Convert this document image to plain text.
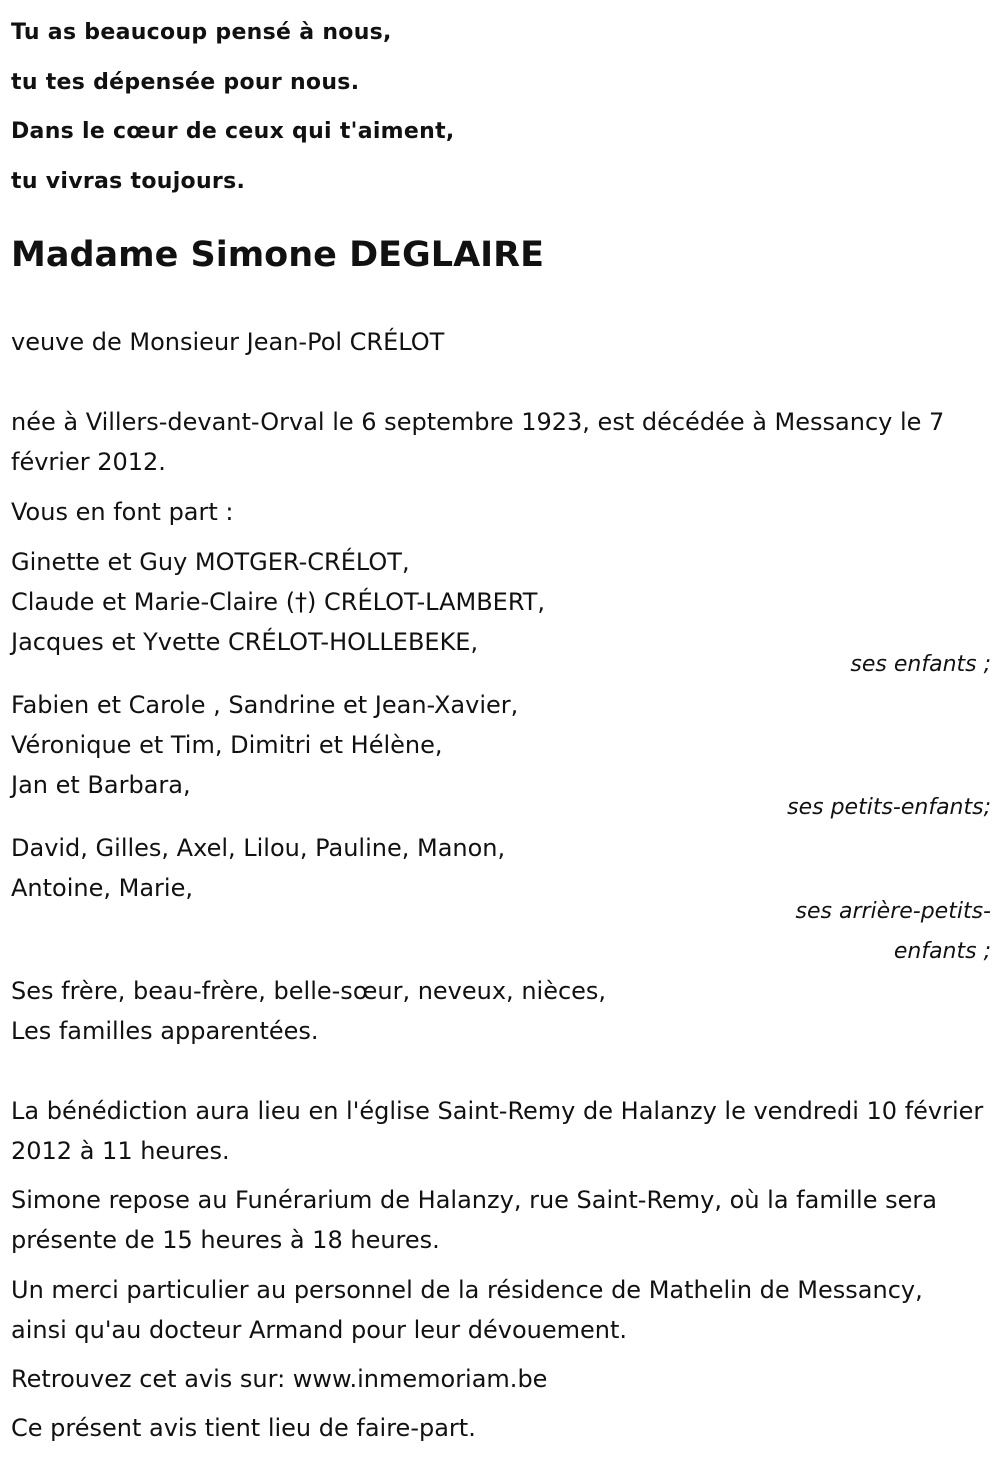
Tu as beaucoup pensé à nous,
tu tes dépensée pour nous.
Dans le cœur de ceux qui t'aiment,
tu vivras toujours.
Madame Simone DEGLAIRE
veuve de Monsieur Jean-Pol CRÉLOT
née à Villers-devant-Orval le 6 septembre 1923, est décédée à Messancy le 7 février 2012.
Vous en font part :
Ginette et Guy MOTGER-CRÉLOT,
Claude et Marie-Claire (†) CRÉLOT-LAMBERT,
Jacques et Yvette CRÉLOT-HOLLEBEKE,
ses enfants ;
Fabien et Carole , Sandrine et Jean-Xavier,
Véronique et Tim, Dimitri et Hélène,
Jan et Barbara,
ses petits-enfants;
David, Gilles, Axel, Lilou, Pauline, Manon,
Antoine, Marie,
ses arrière-petits-
enfants ;
Ses frère, beau-frère, belle-sœur, neveux, nièces,
Les familles apparentées.
La bénédiction aura lieu en l'église Saint-Remy de Halanzy le vendredi 10 février 2012 à 11 heures.
Simone repose au Funérarium de Halanzy, rue Saint-Remy, où la famille sera présente de 15 heures à 18 heures.
Un merci particulier au personnel de la résidence de Mathelin de Messancy, ainsi qu'au docteur Armand pour leur dévouement.
Retrouvez cet avis sur: www.inmemoriam.be
Ce présent avis tient lieu de faire-part.
